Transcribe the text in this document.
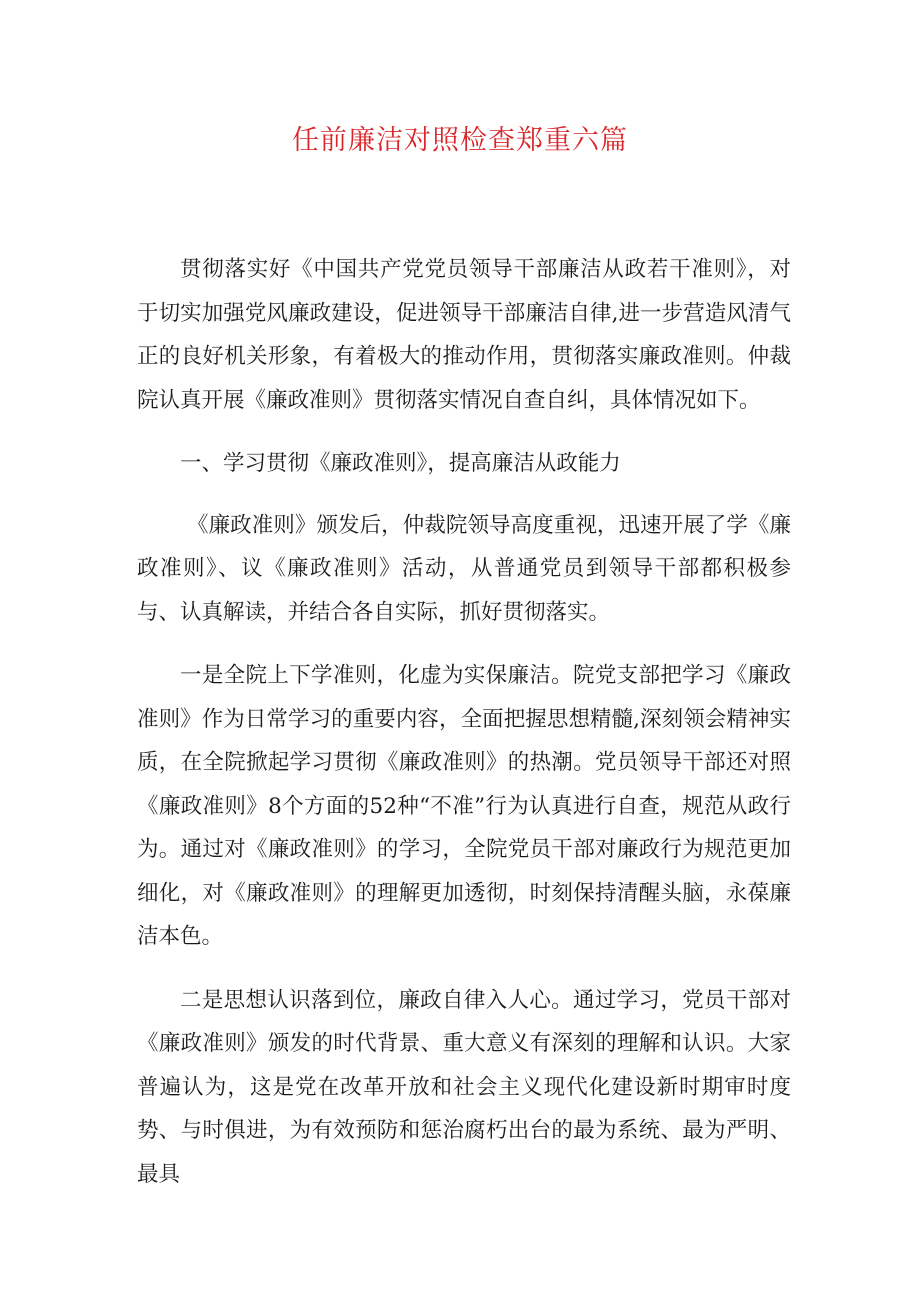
任前廉洁对照检查郑重六篇

贯彻落实好《中国共产党党员领导干部廉洁从政若干准则》，对于切实加强党风廉政建设，促进领导干部廉洁自律,进一步营造风清气正的良好机关形象，有着极大的推动作用，贯彻落实廉政准则。仲裁院认真开展《廉政准则》贯彻落实情况自查自纠，具体情况如下。

一、学习贯彻《廉政准则》，提高廉洁从政能力

《廉政准则》颁发后，仲裁院领导高度重视，迅速开展了学《廉政准则》、议《廉政准则》活动，从普通党员到领导干部都积极参与、认真解读，并结合各自实际，抓好贯彻落实。

一是全院上下学准则，化虚为实保廉洁。院党支部把学习《廉政准则》作为日常学习的重要内容，全面把握思想精髓,深刻领会精神实质，在全院掀起学习贯彻《廉政准则》的热潮。党员领导干部还对照《廉政准则》8个方面的52种“不准”行为认真进行自查，规范从政行为。通过对《廉政准则》的学习，全院党员干部对廉政行为规范更加细化，对《廉政准则》的理解更加透彻，时刻保持清醒头脑，永葆廉洁本色。

二是思想认识落到位，廉政自律入人心。通过学习，党员干部对《廉政准则》颁发的时代背景、重大意义有深刻的理解和认识。大家普遍认为，这是党在改革开放和社会主义现代化建设新时期审时度势、与时俱进，为有效预防和惩治腐朽出台的最为系统、最为严明、最具
